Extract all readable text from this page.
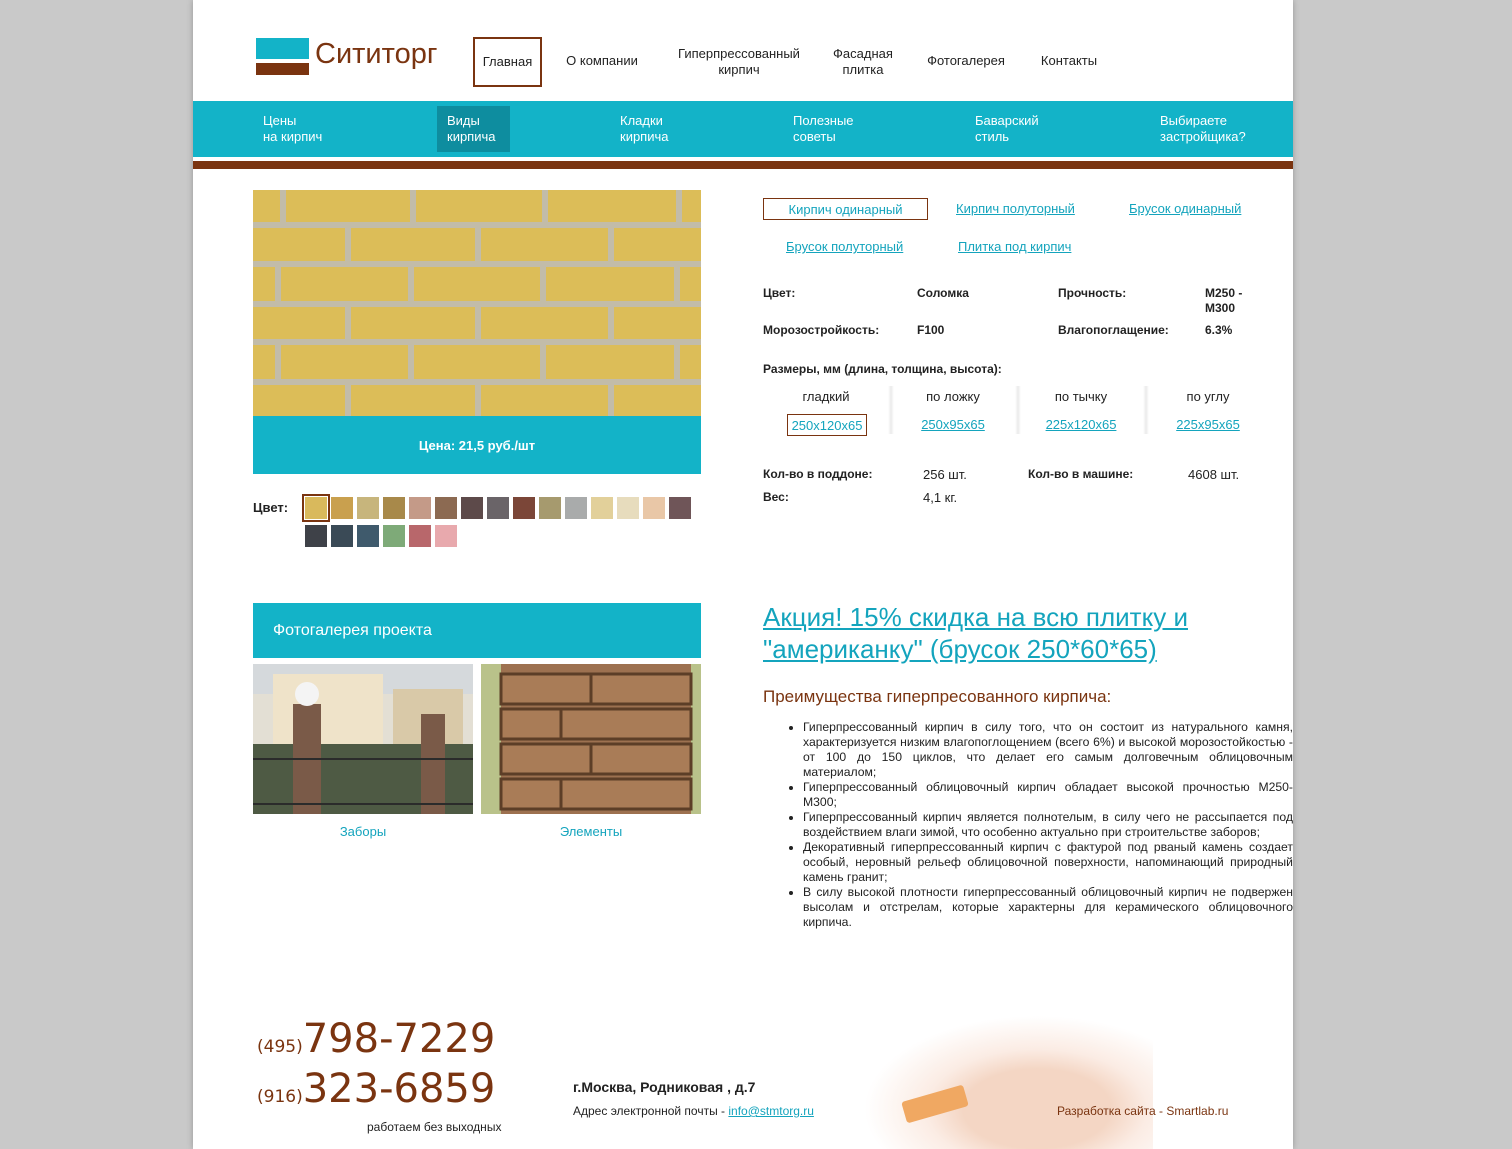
Сититорг	Главная	О компании	Гиперпрессованный кирпич
Фасадная плитка
Фотогалерея	Контакты
Цены
на кирпич
Виды
кирпича
Кладки
кирпича
Полезные
советы
Баварский
стиль
Выбираете
застройщика?
Цена: 21,5 руб./шт
Цвет:
Кирпич одинарный	Кирпич полуторный	Брусок одинарный
Брусок полуторный	Плитка под кирпич
Цвет:	Соломка	Прочность:	М250 -
М300
Морозостройкость:	F100	Влагопоглащение:	6.3%
Размеры, мм (длина, толщина, высота):
гладкий	по ложку	по тычку	по углу
250x120x65	250x95x65	225x120x65	225x95x65
Кол-во в поддоне:	256 шт.	Кол-во в машине:	4608 шт.
Вес:	4,1 кг.
Фотогалерея проекта
Заборы	Элементы
Акция! 15% скидка на всю плитку и "американку" (брусок 250*60*65)
Преимущества гиперпресованного кирпича:
• Гиперпрессованный кирпич в силу того, что он состоит из натурального камня, характеризуется низким влагопоглощением (всего 6%) и высокой морозостойкостью - от 100 до 150 циклов, что делает его самым долговечным облицовочным материалом;
• Гиперпрессованный облицовочный кирпич обладает высокой прочностью М250-М300;
• Гиперпрессованный кирпич является полнотелым, в силу чего не рассыпается под воздействием влаги зимой, что особенно актуально при строительстве заборов;
• Декоративный гиперпрессованный кирпич с фактурой под рваный камень создает особый, неровный рельеф облицовочной поверхности, напоминающий природный камень гранит;
• В силу высокой плотности гиперпрессованный облицовочный кирпич не подвержен высолам и отстрелам, которые характерны для керамического облицовочного кирпича.
(495)798-7229
(916)323-6859
работаем без выходных
г.Москва, Родниковая , д.7
Адрес электронной почты - info@stmtorg.ru	Разработка сайта - Smartlab.ru
